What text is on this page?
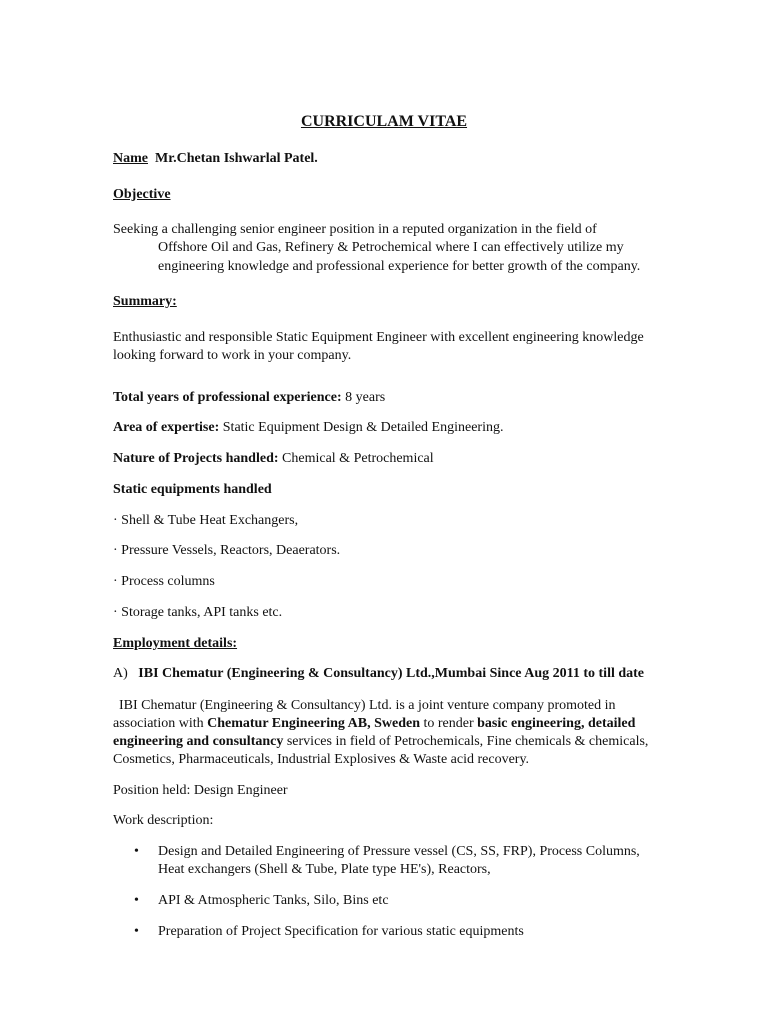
CURRICULAM VITAE
Name Mr.Chetan Ishwarlal Patel.
Objective
Seeking a challenging senior engineer position in a reputed organization in the field of
Offshore Oil and Gas, Refinery & Petrochemical where I can effectively utilize my
engineering knowledge and professional experience for better growth of the company.
Summary:
Enthusiastic and responsible Static Equipment Engineer with excellent engineering knowledge
looking forward to work in your company.
Total years of professional experience: 8 years
Area of expertise: Static Equipment Design & Detailed Engineering.
Nature of Projects handled: Chemical & Petrochemical
Static equipments handled
· Shell & Tube Heat Exchangers,
· Pressure Vessels, Reactors, Deaerators.
· Process columns
· Storage tanks, API tanks etc.
Employment details:
A) IBI Chematur (Engineering & Consultancy) Ltd.,Mumbai Since Aug 2011 to till date
IBI Chematur (Engineering & Consultancy) Ltd. is a joint venture company promoted in
association with Chematur Engineering AB, Sweden to render basic engineering, detailed
engineering and consultancy services in field of Petrochemicals, Fine chemicals & chemicals,
Cosmetics, Pharmaceuticals, Industrial Explosives & Waste acid recovery.
Position held: Design Engineer
Work description:
• Design and Detailed Engineering of Pressure vessel (CS, SS, FRP), Process Columns,
Heat exchangers (Shell & Tube, Plate type HE's), Reactors,
• API & Atmospheric Tanks, Silo, Bins etc
• Preparation of Project Specification for various static equipments
